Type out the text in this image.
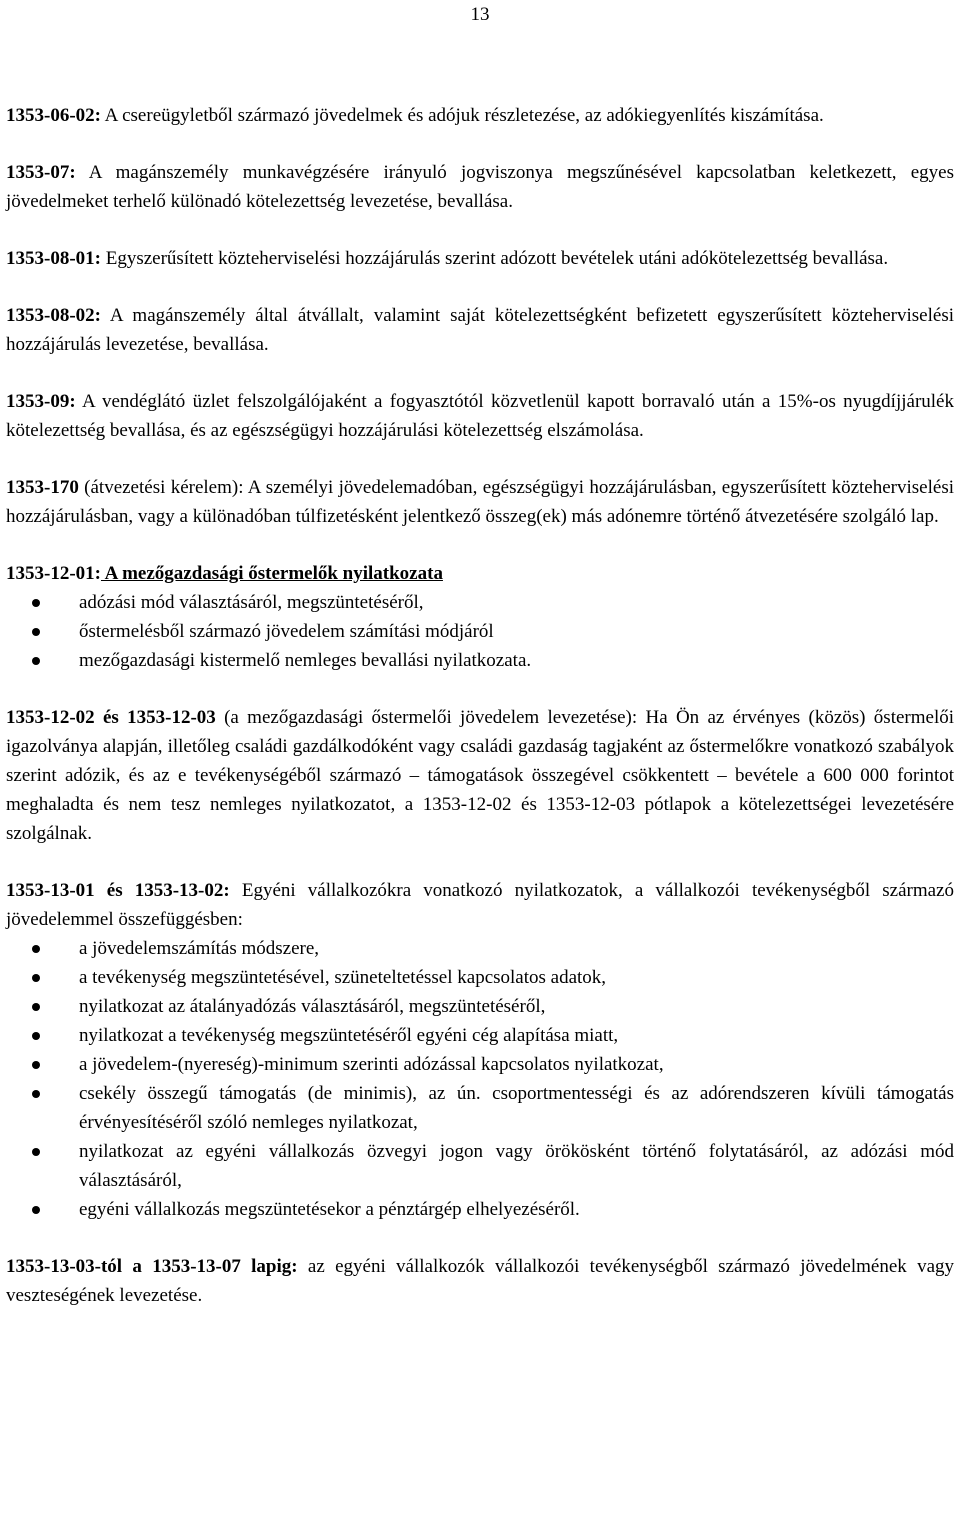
13

1353-06-02: A csereügyletből származó jövedelmek és adójuk részletezése, az adókiegyenlítés kiszámítása.

1353-07: A magánszemély munkavégzésére irányuló jogviszonya megszűnésével kapcsolatban keletkezett, egyes jövedelmeket terhelő különadó kötelezettség levezetése, bevallása.

1353-08-01: Egyszerűsített közteherviselési hozzájárulás szerint adózott bevételek utáni adókötelezettség bevallása.

1353-08-02: A magánszemély által átvállalt, valamint saját kötelezettségként befizetett egyszerűsített közteherviselési hozzájárulás levezetése, bevallása.

1353-09: A vendéglátó üzlet felszolgálójaként a fogyasztótól közvetlenül kapott borravaló után a 15%-os nyugdíjjárulék kötelezettség bevallása, és az egészségügyi hozzájárulási kötelezettség elszámolása.

1353-170 (átvezetési kérelem): A személyi jövedelemadóban, egészségügyi hozzájárulásban, egyszerűsített közteherviselési hozzájárulásban, vagy a különadóban túlfizetésként jelentkező összeg(ek) más adónemre történő átvezetésére szolgáló lap.

1353-12-01: A mezőgazdasági őstermelők nyilatkozata
adózási mód választásáról, megszüntetéséről,
őstermelésből származó jövedelem számítási módjáról
mezőgazdasági kistermelő nemleges bevallási nyilatkozata.

1353-12-02 és 1353-12-03 (a mezőgazdasági őstermelői jövedelem levezetése): Ha Ön az érvényes (közös) őstermelői igazolványa alapján, illetőleg családi gazdálkodóként vagy családi gazdaság tagjaként az őstermelőkre vonatkozó szabályok szerint adózik, és az e tevékenységéből származó – támogatások összegével csökkentett – bevétele a 600 000 forintot meghaladta és nem tesz nemleges nyilatkozatot, a 1353-12-02 és 1353-12-03 pótlapok a kötelezettségei levezetésére szolgálnak.

1353-13-01 és 1353-13-02: Egyéni vállalkozókra vonatkozó nyilatkozatok, a vállalkozói tevékenységből származó jövedelemmel összefüggésben:
a jövedelemszámítás módszere,
a tevékenység megszüntetésével, szüneteltetéssel kapcsolatos adatok,
nyilatkozat az átalányadózás választásáról, megszüntetéséről,
nyilatkozat a tevékenység megszüntetéséről egyéni cég alapítása miatt,
a jövedelem-(nyereség)-minimum szerinti adózással kapcsolatos nyilatkozat,
csekély összegű támogatás (de minimis), az ún. csoportmentességi és az adórendszeren kívüli támogatás érvényesítéséről szóló nemleges nyilatkozat,
nyilatkozat az egyéni vállalkozás özvegyi jogon vagy örökösként történő folytatásáról, az adózási mód választásáról,
egyéni vállalkozás megszüntetésekor a pénztárgép elhelyezéséről.

1353-13-03-tól a 1353-13-07 lapig: az egyéni vállalkozók vállalkozói tevékenységből származó jövedelmének vagy veszteségének levezetése.
